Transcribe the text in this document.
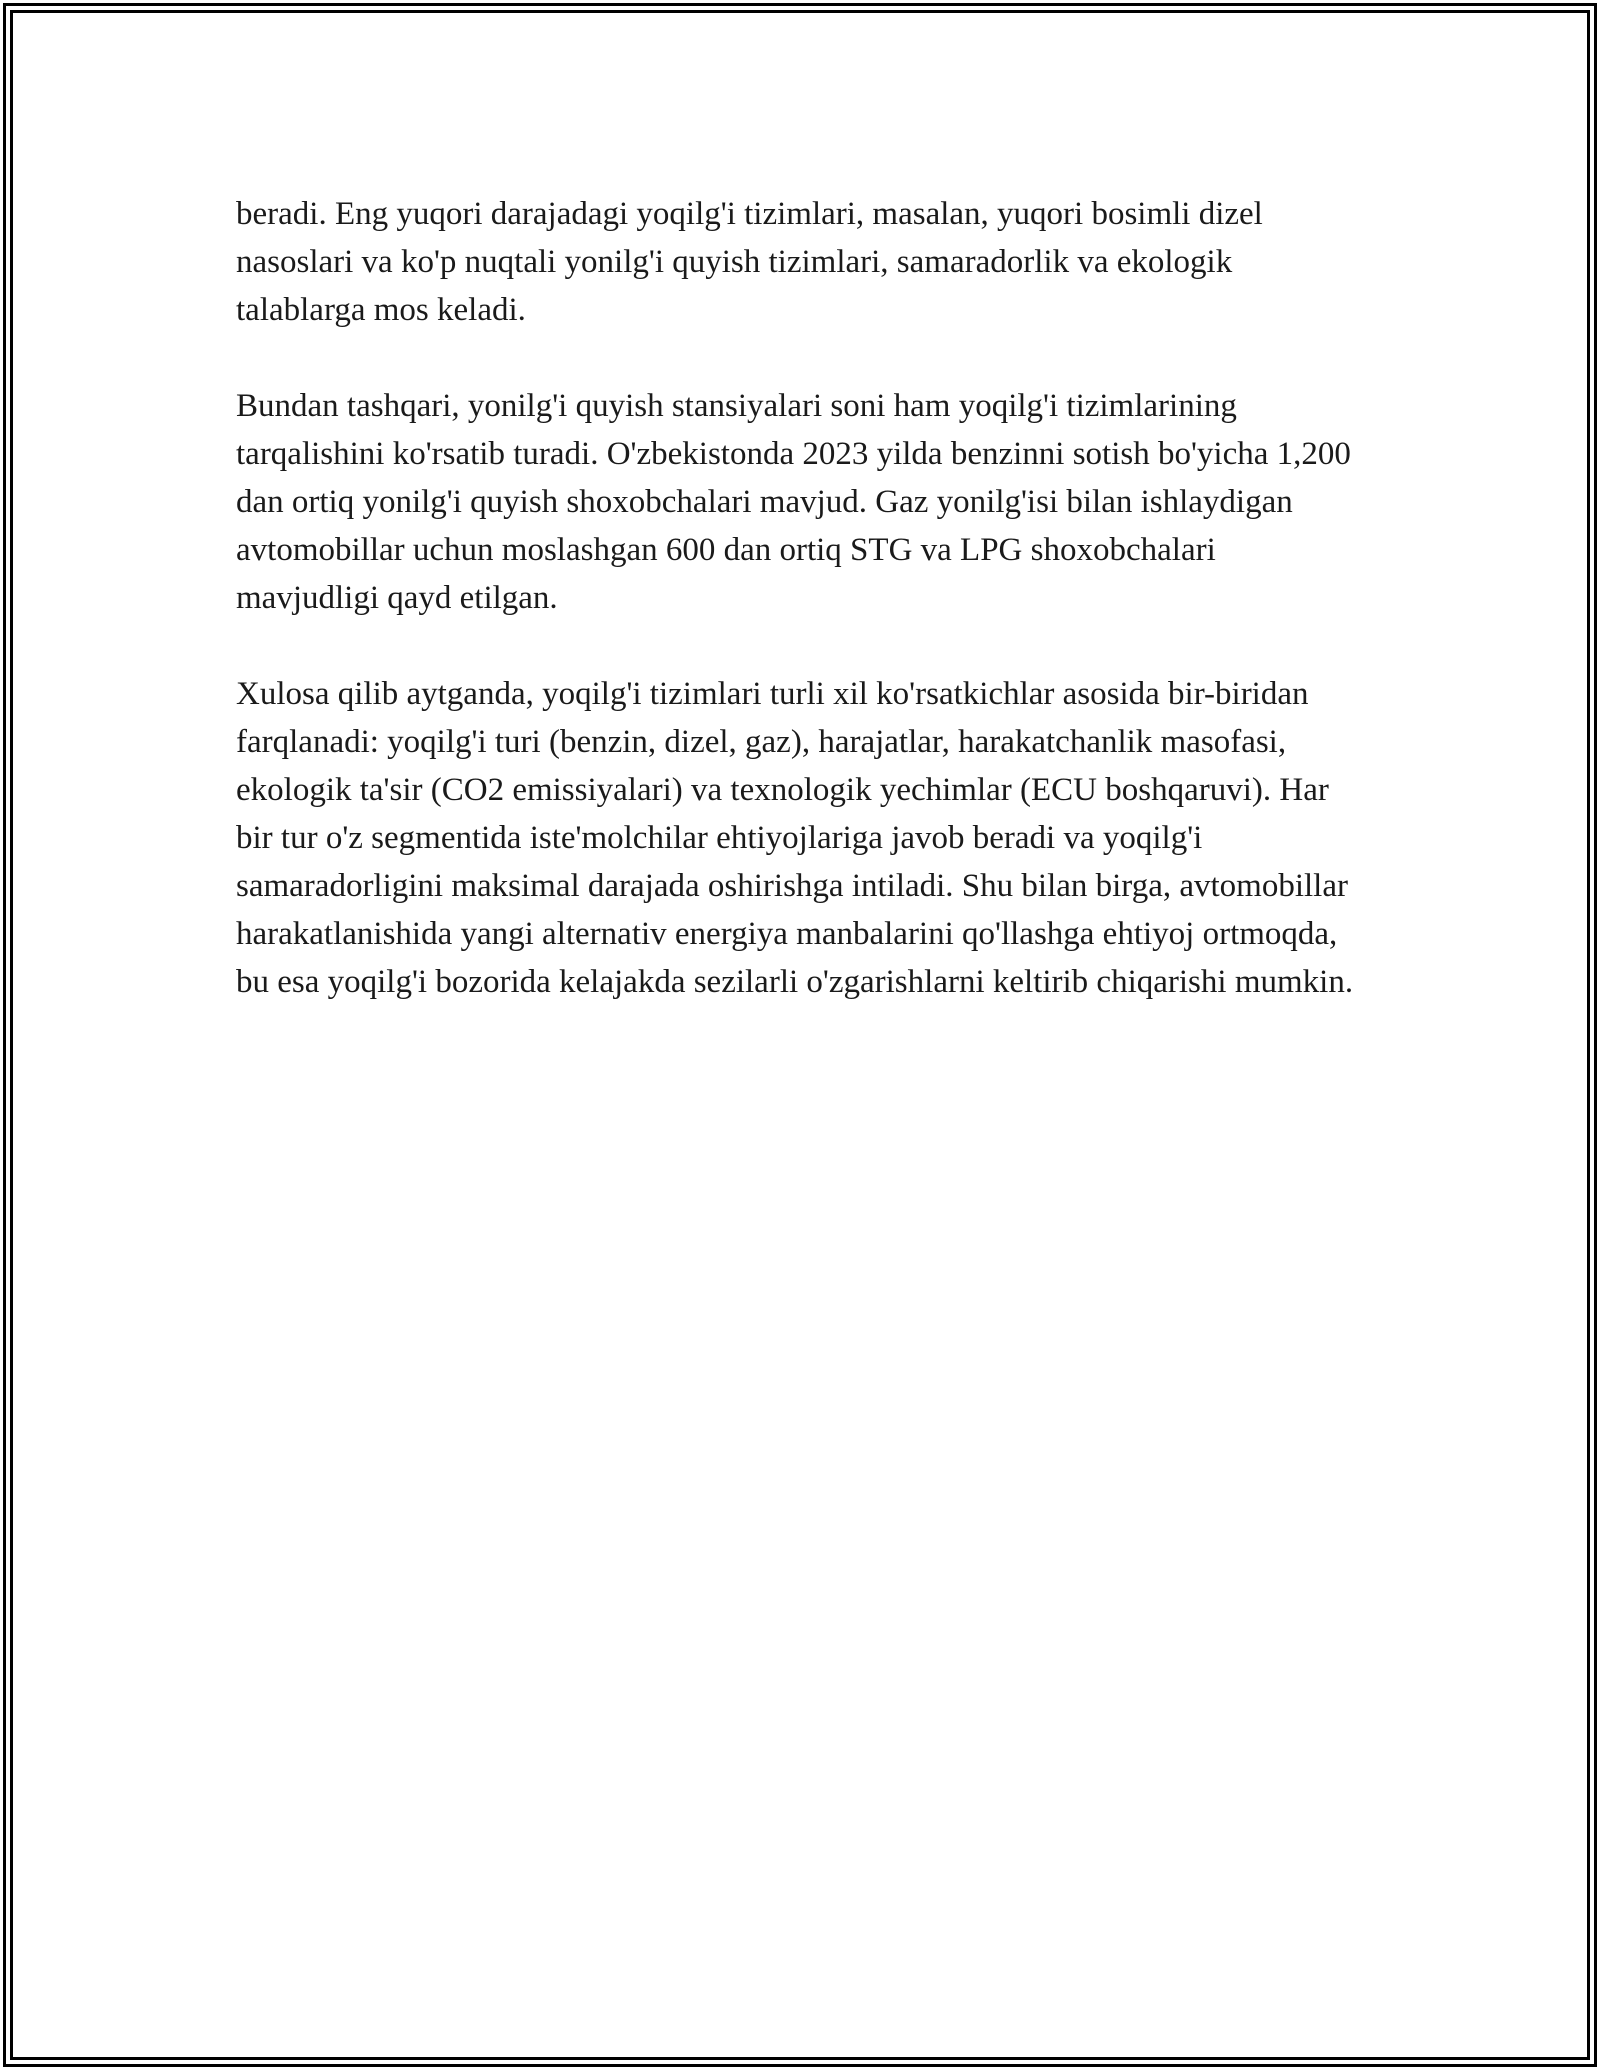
beradi. Eng yuqori darajadagi yoqilg'i tizimlari, masalan, yuqori bosimli dizel nasoslari va ko'p nuqtali yonilg'i quyish tizimlari, samaradorlik va ekologik talablarga mos keladi.

Bundan tashqari, yonilg'i quyish stansiyalari soni ham yoqilg'i tizimlarining tarqalishini ko'rsatib turadi. O'zbekistonda 2023 yilda benzinni sotish bo'yicha 1,200 dan ortiq yonilg'i quyish shoxobchalari mavjud. Gaz yonilg'isi bilan ishlaydigan avtomobillar uchun moslashgan 600 dan ortiq STG va LPG shoxobchalari mavjudligi qayd etilgan.

Xulosa qilib aytganda, yoqilg'i tizimlari turli xil ko'rsatkichlar asosida bir-biridan farqlanadi: yoqilg'i turi (benzin, dizel, gaz), harajatlar, harakatchanlik masofasi, ekologik ta'sir (CO2 emissiyalari) va texnologik yechimlar (ECU boshqaruvi). Har bir tur o'z segmentida iste'molchilar ehtiyojlariga javob beradi va yoqilg'i samaradorligini maksimal darajada oshirishga intiladi. Shu bilan birga, avtomobillar harakatlanishida yangi alternativ energiya manbalarini qo'llashga ehtiyoj ortmoqda, bu esa yoqilg'i bozorida kelajakda sezilarli o'zgarishlarni keltirib chiqarishi mumkin.
